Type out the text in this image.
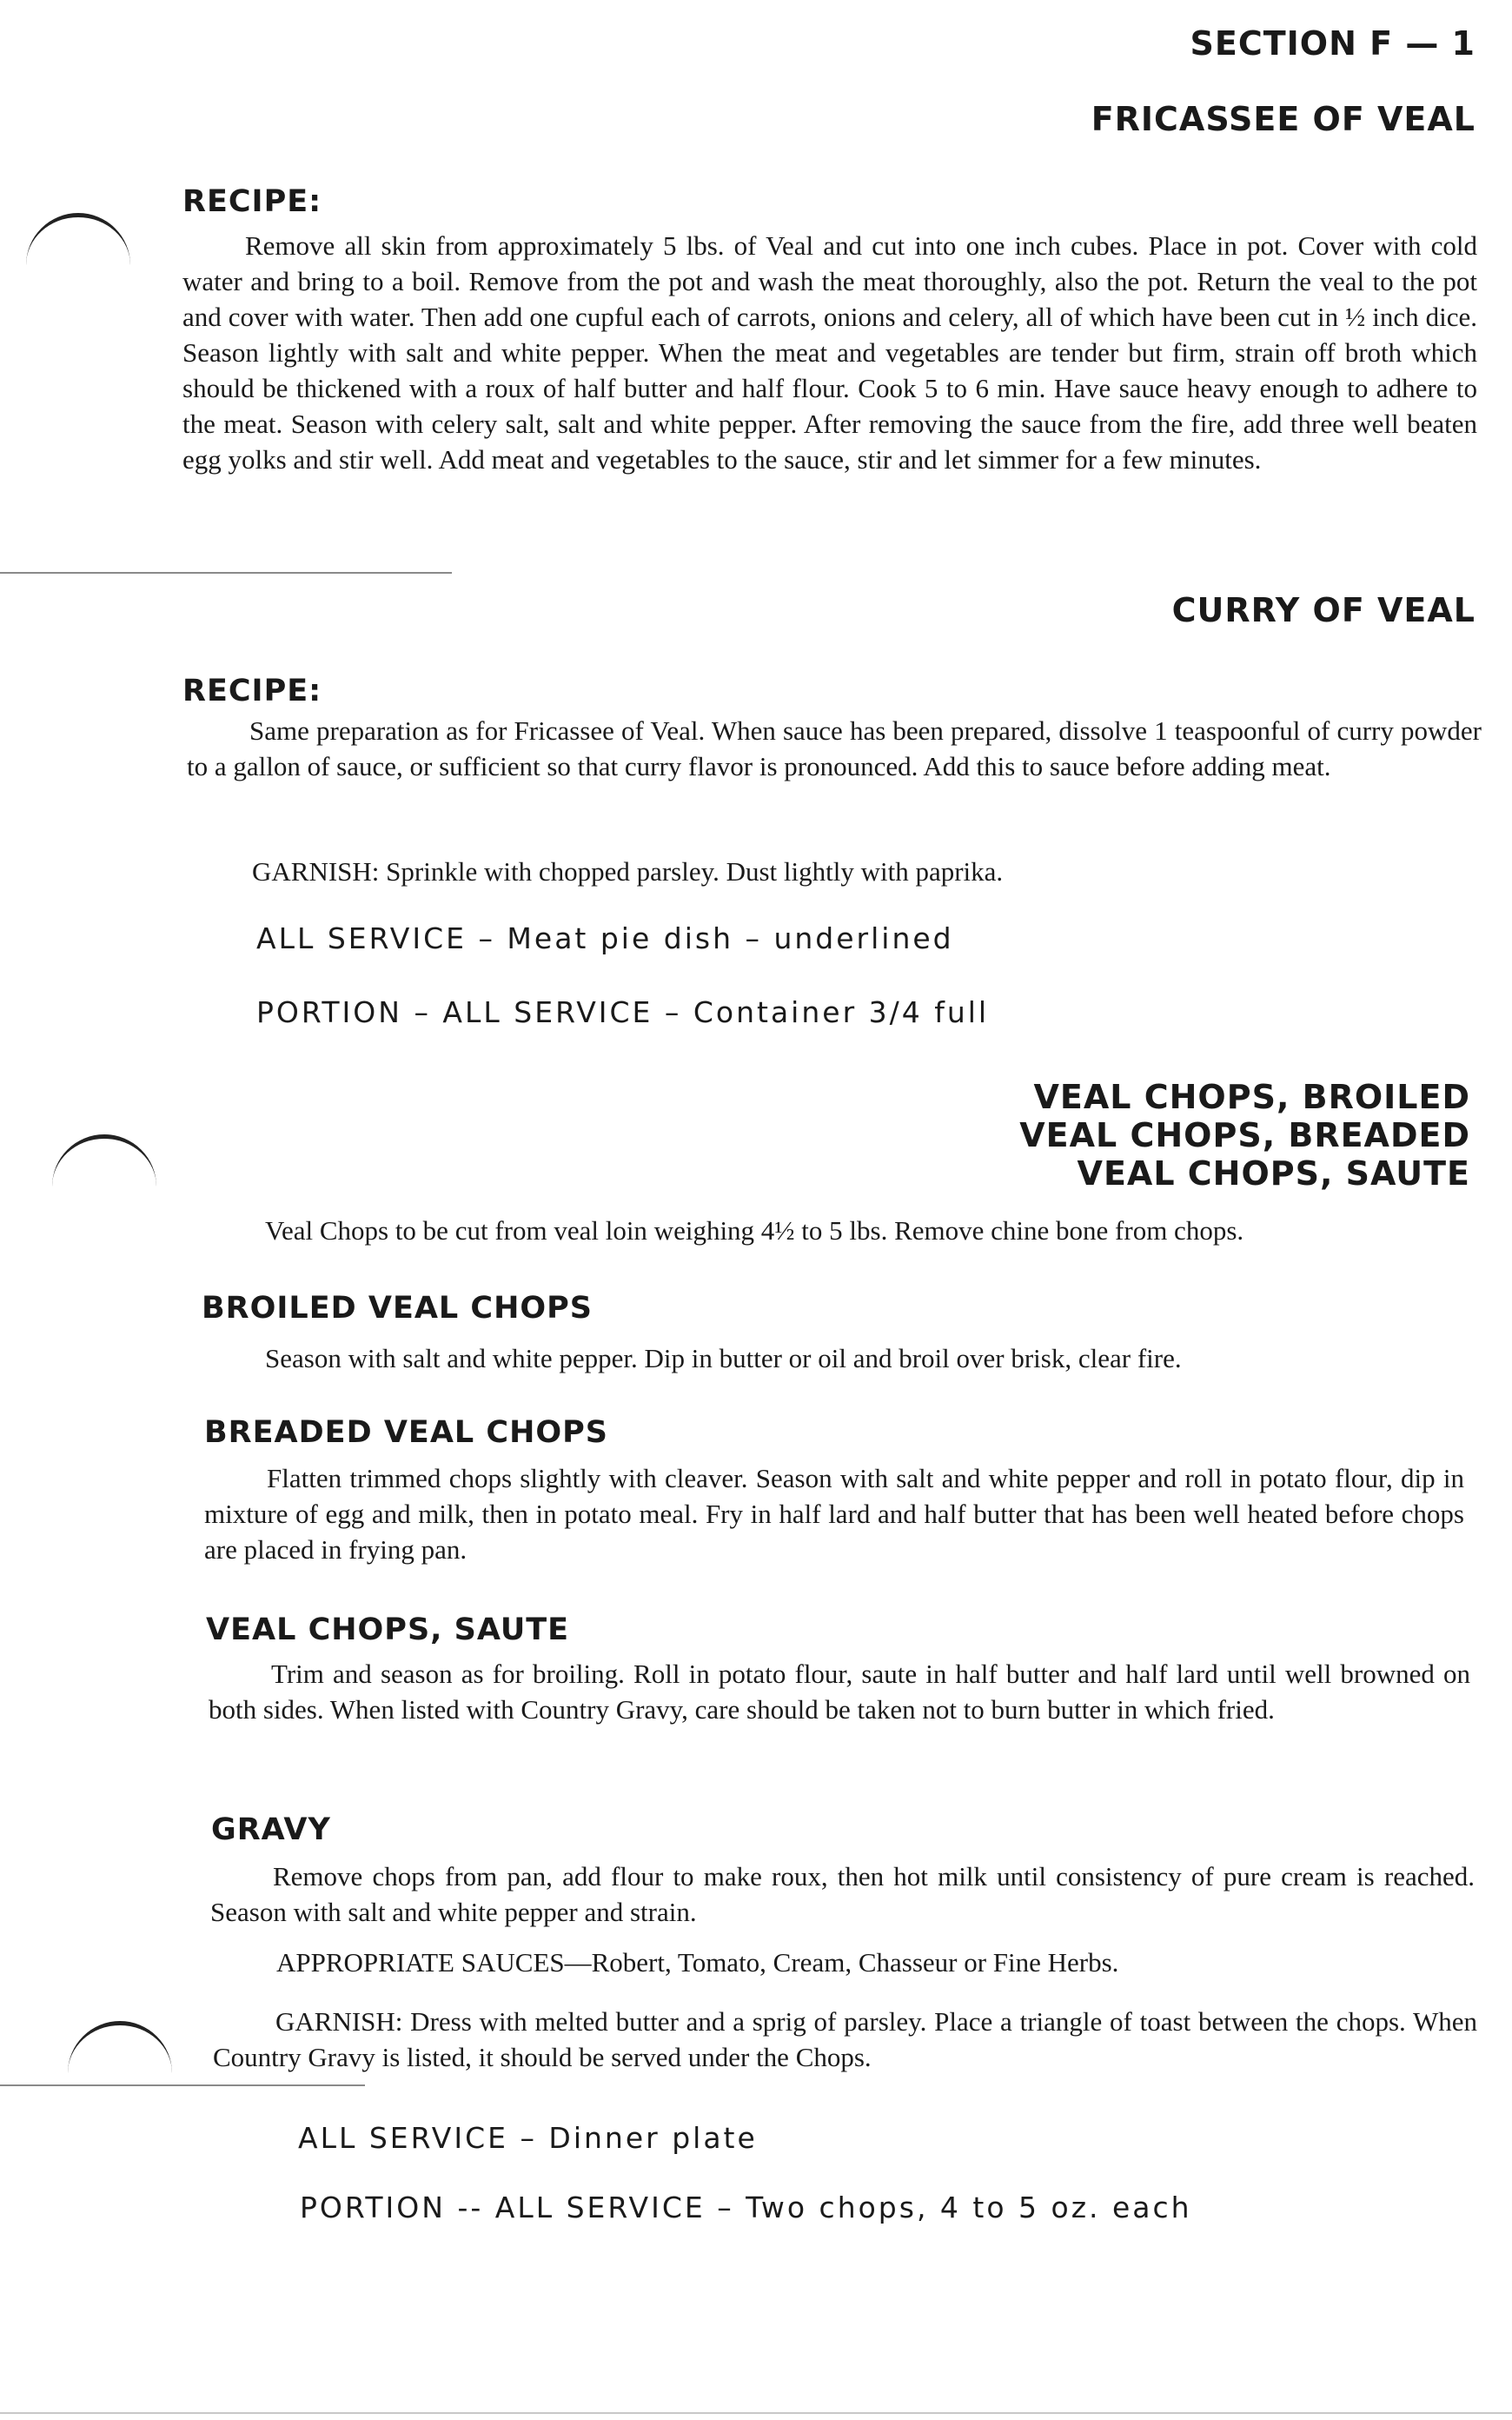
SECTION F — 1
FRICASSEE OF VEAL
RECIPE:

Remove all skin from approximately 5 lbs. of Veal and cut into one inch cubes. Place in pot. Cover with cold water and bring to a boil. Remove from the pot and wash the meat thoroughly, also the pot. Return the veal to the pot and cover with water. Then add one cupful each of carrots, onions and celery, all of which have been cut in ½ inch dice. Season lightly with salt and white pepper. When the meat and vegetables are tender but firm, strain off broth which should be thickened with a roux of half butter and half flour. Cook 5 to 6 min. Have sauce heavy enough to adhere to the meat. Season with celery salt, salt and white pepper. After removing the sauce from the fire, add three well beaten egg yolks and stir well. Add meat and vegetables to the sauce, stir and let simmer for a few minutes.

CURRY OF VEAL
RECIPE:

Same preparation as for Fricassee of Veal. When sauce has been prepared, dissolve 1 teaspoonful of curry powder to a gallon of sauce, or sufficient so that curry flavor is pronounced. Add this to sauce before adding meat.

GARNISH: Sprinkle with chopped parsley. Dust lightly with paprika.

ALL SERVICE – Meat pie dish – underlined

PORTION – ALL SERVICE – Container 3/4 full

VEAL CHOPS, BROILED
VEAL CHOPS, BREADED
VEAL CHOPS, SAUTE

Veal Chops to be cut from veal loin weighing 4½ to 5 lbs. Remove chine bone from chops.

BROILED VEAL CHOPS

Season with salt and white pepper. Dip in butter or oil and broil over brisk, clear fire.

BREADED VEAL CHOPS

Flatten trimmed chops slightly with cleaver. Season with salt and white pepper and roll in potato flour, dip in mixture of egg and milk, then in potato meal. Fry in half lard and half butter that has been well heated before chops are placed in frying pan.

VEAL CHOPS, SAUTE

Trim and season as for broiling. Roll in potato flour, saute in half butter and half lard until well browned on both sides. When listed with Country Gravy, care should be taken not to burn butter in which fried.

GRAVY

Remove chops from pan, add flour to make roux, then hot milk until consistency of pure cream is reached. Season with salt and white pepper and strain.

APPROPRIATE SAUCES—Robert, Tomato, Cream, Chasseur or Fine Herbs.

GARNISH: Dress with melted butter and a sprig of parsley. Place a triangle of toast between the chops. When Country Gravy is listed, it should be served under the Chops.

ALL SERVICE – Dinner plate

PORTION -- ALL SERVICE – Two chops, 4 to 5 oz. each
